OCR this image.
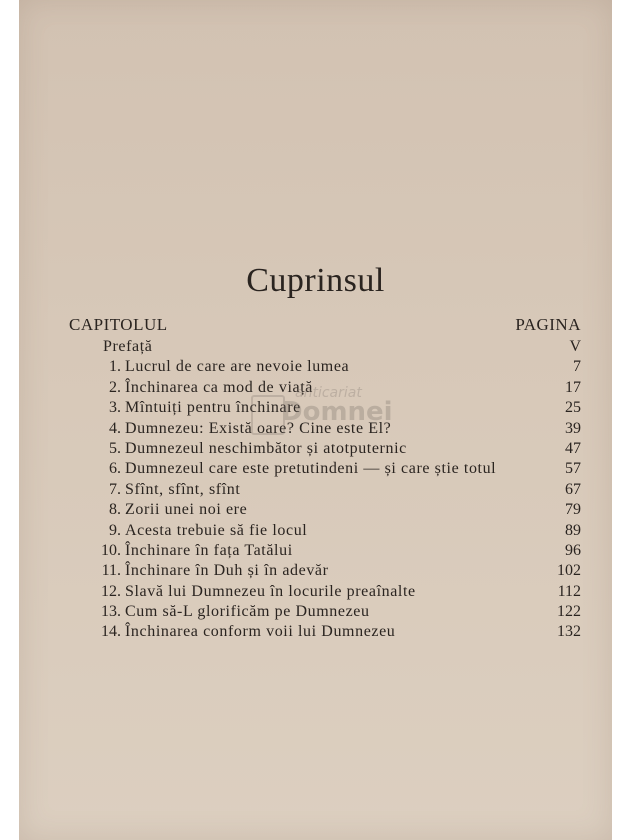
Cuprinsul
CAPITOLUL	PAGINA
Prefață	V
1. Lucrul de care are nevoie lumea	7
2. Închinarea ca mod de viață	17
3. Mîntuiți pentru închinare	25
4. Dumnezeu: Există oare? Cine este El?	39
5. Dumnezeul neschimbător și atotputernic	47
6. Dumnezeul care este pretutindeni — și care știe totul	57
7. Sfînt, sfînt, sfînt	67
8. Zorii unei noi ere	79
9. Acesta trebuie să fie locul	89
10. Închinare în fața Tatălui	96
11. Închinare în Duh și în adevăr	102
12. Slavă lui Dumnezeu în locurile preaînalte	112
13. Cum să-L glorificăm pe Dumnezeu	122
14. Închinarea conform voii lui Dumnezeu	132
anticariat
Domnei
